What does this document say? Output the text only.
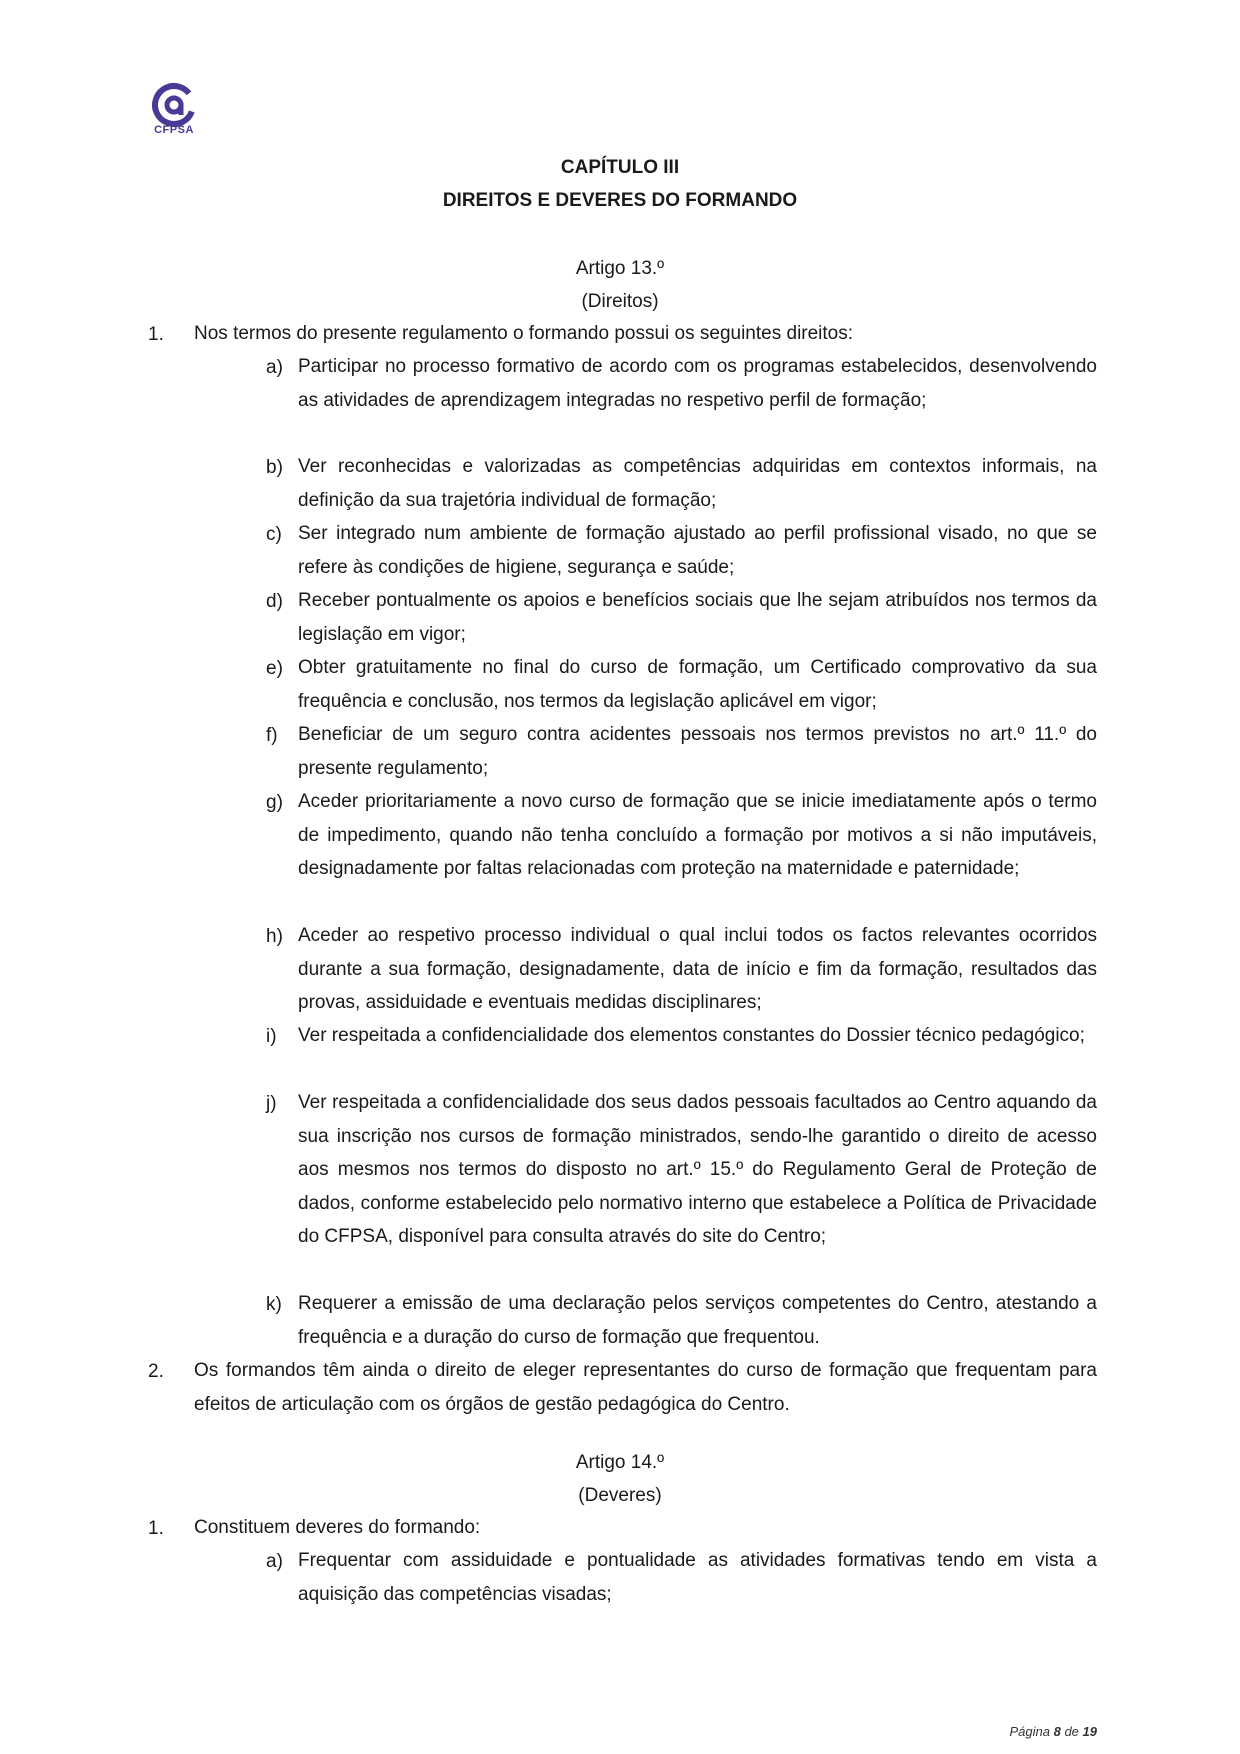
CFPSA
CAPÍTULO III
DIREITOS E DEVERES DO FORMANDO
Artigo 13.º
(Direitos)
1. Nos termos do presente regulamento o formando possui os seguintes direitos:
a) Participar no processo formativo de acordo com os programas estabelecidos, desenvolvendo as atividades de aprendizagem integradas no respetivo perfil de formação;
b) Ver reconhecidas e valorizadas as competências adquiridas em contextos informais, na definição da sua trajetória individual de formação;
c) Ser integrado num ambiente de formação ajustado ao perfil profissional visado, no que se refere às condições de higiene, segurança e saúde;
d) Receber pontualmente os apoios e benefícios sociais que lhe sejam atribuídos nos termos da legislação em vigor;
e) Obter gratuitamente no final do curso de formação, um Certificado comprovativo da sua frequência e conclusão, nos termos da legislação aplicável em vigor;
f) Beneficiar de um seguro contra acidentes pessoais nos termos previstos no art.º 11.º do presente regulamento;
g) Aceder prioritariamente a novo curso de formação que se inicie imediatamente após o termo de impedimento, quando não tenha concluído a formação por motivos a si não imputáveis, designadamente por faltas relacionadas com proteção na maternidade e paternidade;
h) Aceder ao respetivo processo individual o qual inclui todos os factos relevantes ocorridos durante a sua formação, designadamente, data de início e fim da formação, resultados das provas, assiduidade e eventuais medidas disciplinares;
i) Ver respeitada a confidencialidade dos elementos constantes do Dossier técnico pedagógico;
j) Ver respeitada a confidencialidade dos seus dados pessoais facultados ao Centro aquando da sua inscrição nos cursos de formação ministrados, sendo-lhe garantido o direito de acesso aos mesmos nos termos do disposto no art.º 15.º do Regulamento Geral de Proteção de dados, conforme estabelecido pelo normativo interno que estabelece a Política de Privacidade do CFPSA, disponível para consulta através do site do Centro;
k) Requerer a emissão de uma declaração pelos serviços competentes do Centro, atestando a frequência e a duração do curso de formação que frequentou.
2. Os formandos têm ainda o direito de eleger representantes do curso de formação que frequentam para efeitos de articulação com os órgãos de gestão pedagógica do Centro.
Artigo 14.º
(Deveres)
1. Constituem deveres do formando:
a) Frequentar com assiduidade e pontualidade as atividades formativas tendo em vista a aquisição das competências visadas;
Página 8 de 19
